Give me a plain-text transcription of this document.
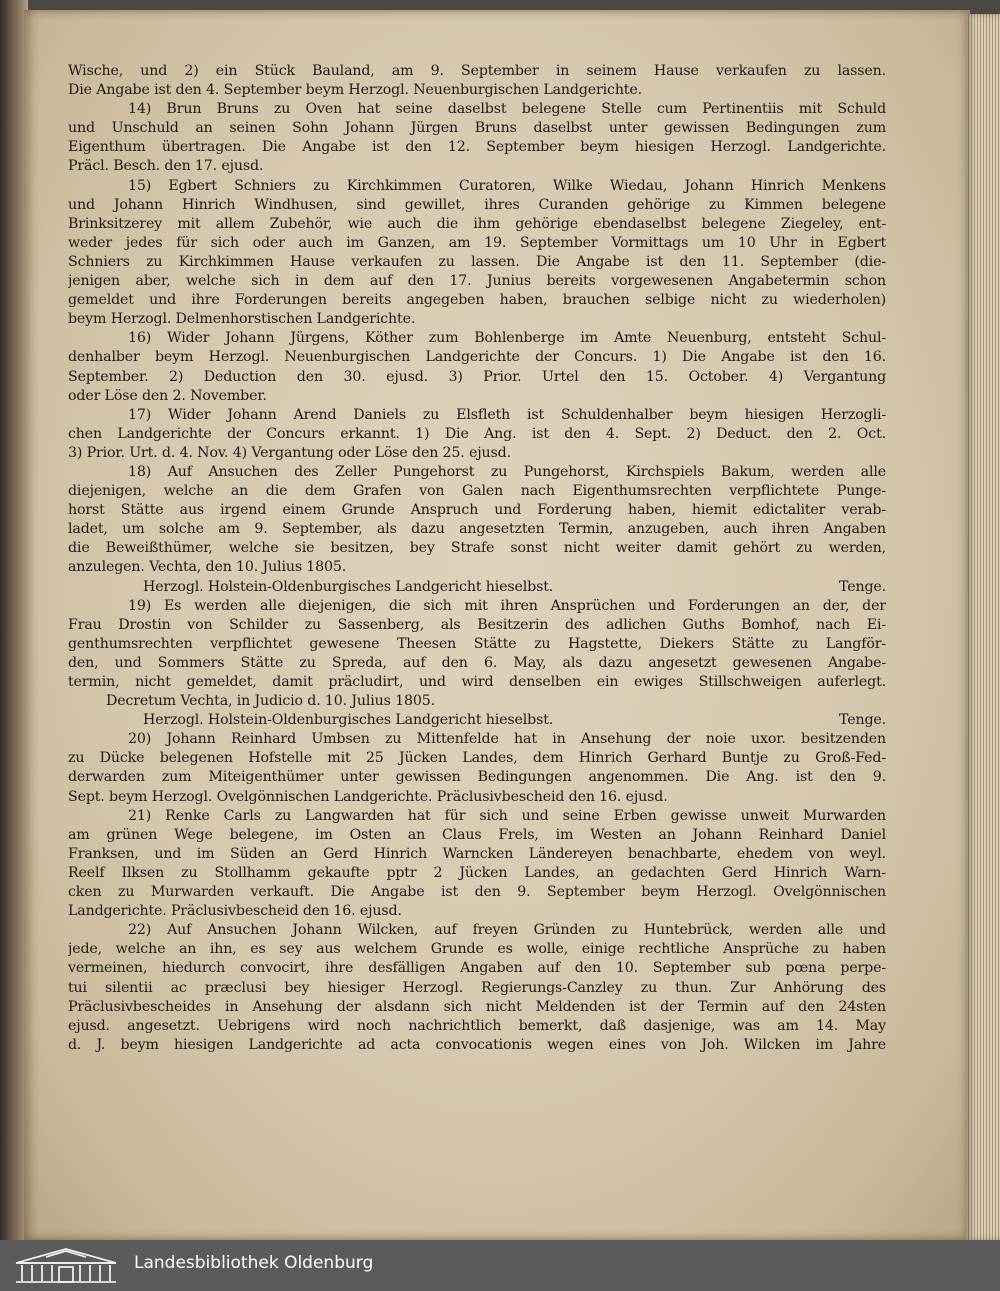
Wische, und 2) ein Stück Bauland, am 9. September in seinem Hause verkaufen zu lassen.
Die Angabe ist den 4. September beym Herzogl. Neuenburgischen Landgerichte.
14) Brun Bruns zu Oven hat seine daselbst belegene Stelle cum Pertinentiis mit Schuld
und Unschuld an seinen Sohn Johann Jürgen Bruns daselbst unter gewissen Bedingungen zum
Eigenthum übertragen. Die Angabe ist den 12. September beym hiesigen Herzogl. Landgerichte.
Präcl. Besch. den 17. ejusd.
15) Egbert Schniers zu Kirchkimmen Curatoren, Wilke Wiedau, Johann Hinrich Menkens
und Johann Hinrich Windhusen, sind gewillet, ihres Curanden gehörige zu Kimmen belegene
Brinksitzerey mit allem Zubehör, wie auch die ihm gehörige ebendaselbst belegene Ziegeley, ent-
weder jedes für sich oder auch im Ganzen, am 19. September Vormittags um 10 Uhr in Egbert
Schniers zu Kirchkimmen Hause verkaufen zu lassen. Die Angabe ist den 11. September (die-
jenigen aber, welche sich in dem auf den 17. Junius bereits vorgewesenen Angabetermin schon
gemeldet und ihre Forderungen bereits angegeben haben, brauchen selbige nicht zu wiederholen)
beym Herzogl. Delmenhorstischen Landgerichte.
16) Wider Johann Jürgens, Köther zum Bohlenberge im Amte Neuenburg, entsteht Schul-
denhalber beym Herzogl. Neuenburgischen Landgerichte der Concurs. 1) Die Angabe ist den 16.
September. 2) Deduction den 30. ejusd. 3) Prior. Urtel den 15. October. 4) Vergantung
oder Löse den 2. November.
17) Wider Johann Arend Daniels zu Elsfleth ist Schuldenhalber beym hiesigen Herzogli-
chen Landgerichte der Concurs erkannt. 1) Die Ang. ist den 4. Sept. 2) Deduct. den 2. Oct.
3) Prior. Urt. d. 4. Nov. 4) Vergantung oder Löse den 25. ejusd.
18) Auf Ansuchen des Zeller Pungehorst zu Pungehorst, Kirchspiels Bakum, werden alle
diejenigen, welche an die dem Grafen von Galen nach Eigenthumsrechten verpflichtete Punge-
horst Stätte aus irgend einem Grunde Anspruch und Forderung haben, hiemit edictaliter verab-
ladet, um solche am 9. September, als dazu angesetzten Termin, anzugeben, auch ihren Angaben
die Beweißthümer, welche sie besitzen, bey Strafe sonst nicht weiter damit gehört zu werden,
anzulegen. Vechta, den 10. Julius 1805.
Herzogl. Holstein-Oldenburgisches Landgericht hieselbst.	Tenge.
19) Es werden alle diejenigen, die sich mit ihren Ansprüchen und Forderungen an der, der
Frau Drostin von Schilder zu Sassenberg, als Besitzerin des adlichen Guths Bomhof, nach Ei-
genthumsrechten verpflichtet gewesene Theesen Stätte zu Hagstette, Diekers Stätte zu Langför-
den, und Sommers Stätte zu Spreda, auf den 6. May, als dazu angesetzt gewesenen Angabe-
termin, nicht gemeldet, damit präcludirt, und wird denselben ein ewiges Stillschweigen auferlegt.
Decretum Vechta, in Judicio d. 10. Julius 1805.
Herzogl. Holstein-Oldenburgisches Landgericht hieselbst.	Tenge.
20) Johann Reinhard Umbsen zu Mittenfelde hat in Ansehung der noie uxor. besitzenden
zu Dücke belegenen Hofstelle mit 25 Jücken Landes, dem Hinrich Gerhard Buntje zu Groß-Fed-
derwarden zum Miteigenthümer unter gewissen Bedingungen angenommen. Die Ang. ist den 9.
Sept. beym Herzogl. Ovelgönnischen Landgerichte. Präclusivbescheid den 16. ejusd.
21) Renke Carls zu Langwarden hat für sich und seine Erben gewisse unweit Murwarden
am grünen Wege belegene, im Osten an Claus Frels, im Westen an Johann Reinhard Daniel
Franksen, und im Süden an Gerd Hinrich Warncken Ländereyen benachbarte, ehedem von weyl.
Reelf Ilksen zu Stollhamm gekaufte pptr 2 Jücken Landes, an gedachten Gerd Hinrich Warn-
cken zu Murwarden verkauft. Die Angabe ist den 9. September beym Herzogl. Ovelgönnischen
Landgerichte. Präclusivbescheid den 16. ejusd.
22) Auf Ansuchen Johann Wilcken, auf freyen Gründen zu Huntebrück, werden alle und
jede, welche an ihn, es sey aus welchem Grunde es wolle, einige rechtliche Ansprüche zu haben
vermeinen, hiedurch convocirt, ihre desfälligen Angaben auf den 10. September sub pœna perpe-
tui silentii ac præclusi bey hiesiger Herzogl. Regierungs-Canzley zu thun. Zur Anhörung des
Präclusivbescheides in Ansehung der alsdann sich nicht Meldenden ist der Termin auf den 24sten
ejusd. angesetzt. Uebrigens wird noch nachrichtlich bemerkt, daß dasjenige, was am 14. May
d. J. beym hiesigen Landgerichte ad acta convocationis wegen eines von Joh. Wilcken im Jahre
Landesbibliothek Oldenburg
